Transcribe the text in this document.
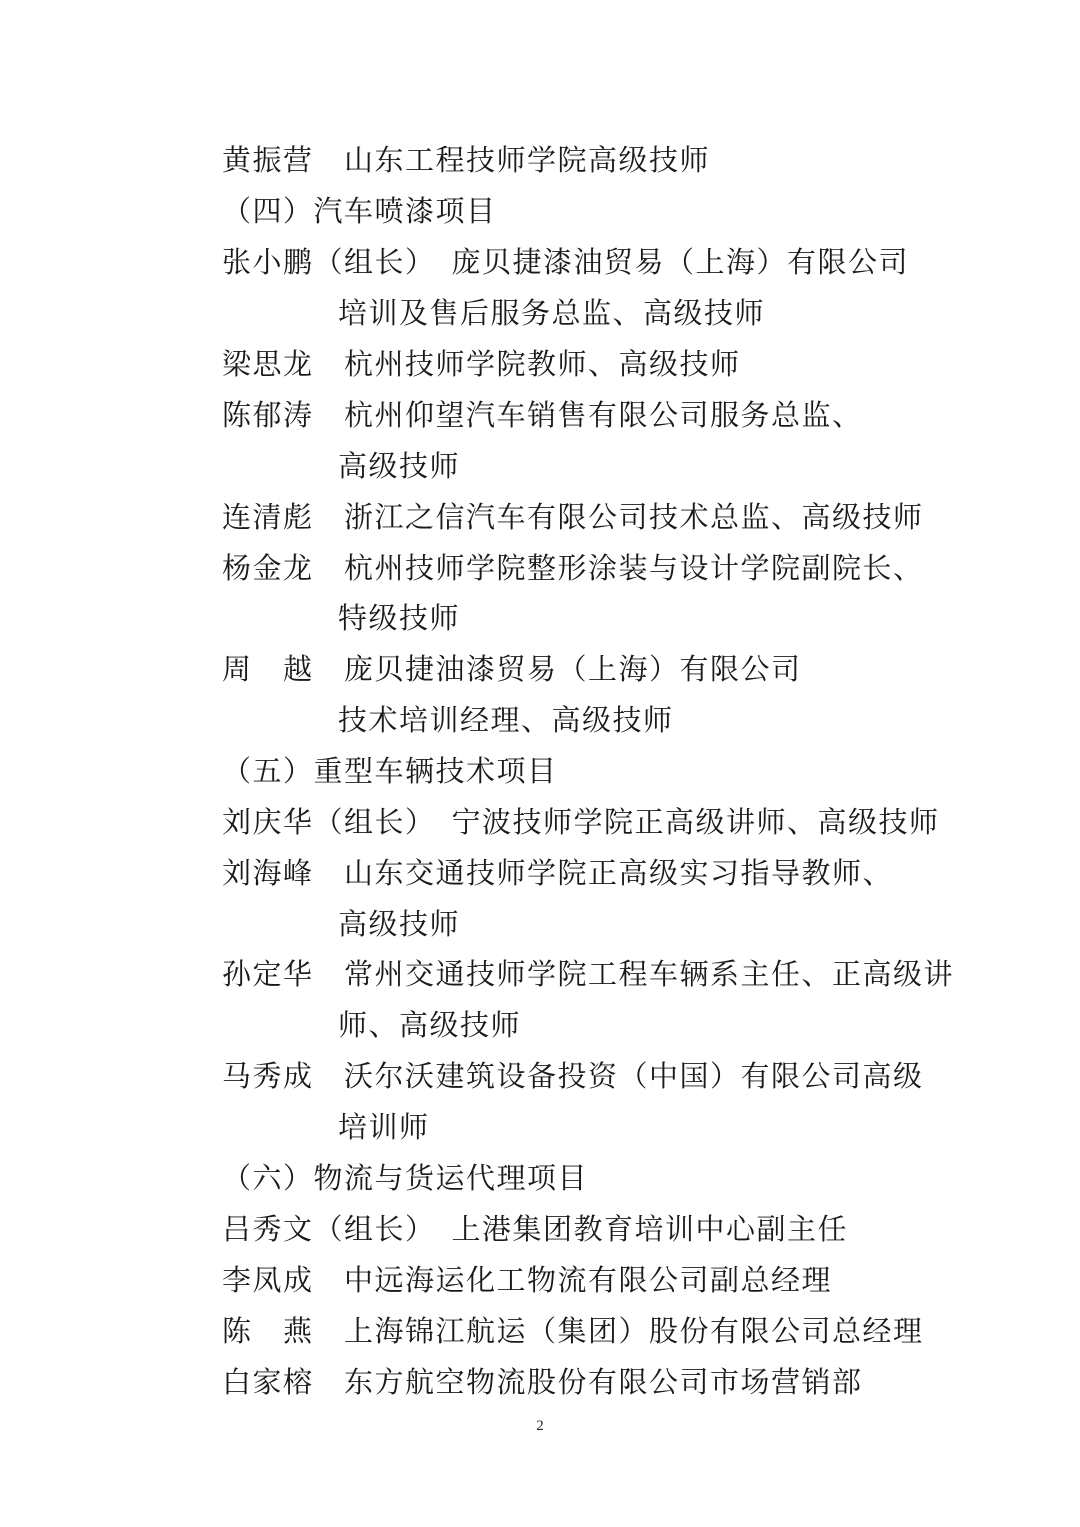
黄振营　山东工程技师学院高级技师
（四）汽车喷漆项目
张小鹏（组长）　庞贝捷漆油贸易（上海）有限公司
培训及售后服务总监、高级技师
梁思龙　杭州技师学院教师、高级技师
陈郁涛　杭州仰望汽车销售有限公司服务总监、
高级技师
连清彪　浙江之信汽车有限公司技术总监、高级技师
杨金龙　杭州技师学院整形涂装与设计学院副院长、
特级技师
周　越　庞贝捷油漆贸易（上海）有限公司
技术培训经理、高级技师
（五）重型车辆技术项目
刘庆华（组长）　宁波技师学院正高级讲师、高级技师
刘海峰　山东交通技师学院正高级实习指导教师、
高级技师
孙定华　常州交通技师学院工程车辆系主任、正高级讲
师、高级技师
马秀成　沃尔沃建筑设备投资（中国）有限公司高级
培训师
（六）物流与货运代理项目
吕秀文（组长）　上港集团教育培训中心副主任
李凤成　中远海运化工物流有限公司副总经理
陈　燕　上海锦江航运（集团）股份有限公司总经理
白家榕　东方航空物流股份有限公司市场营销部
2
